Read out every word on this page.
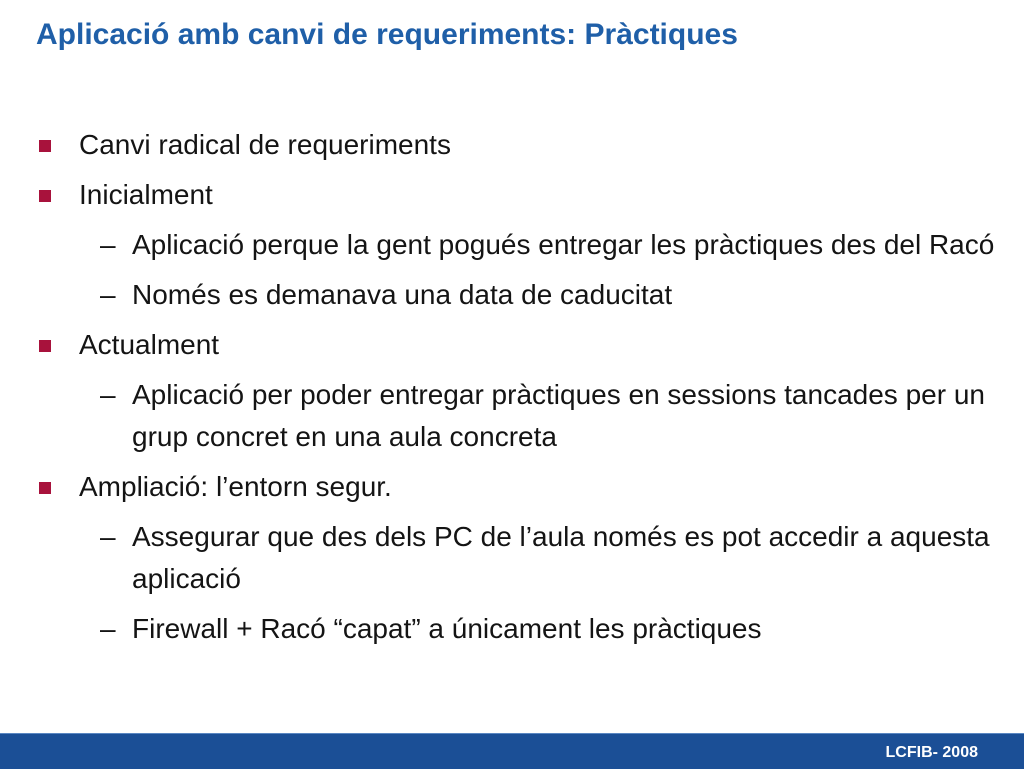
Aplicació amb canvi de requeriments: Pràctiques
Canvi radical de requeriments
Inicialment
– Aplicació perque la gent pogués entregar les pràctiques des del Racó
– Només es demanava una data de caducitat
Actualment
– Aplicació per poder entregar pràctiques en sessions tancades per un grup concret en una aula concreta
Ampliació: l’entorn segur.
– Assegurar que des dels PC de l’aula només es pot accedir a aquesta aplicació
– Firewall + Racó “capat” a únicament les pràctiques
LCFIB- 2008
